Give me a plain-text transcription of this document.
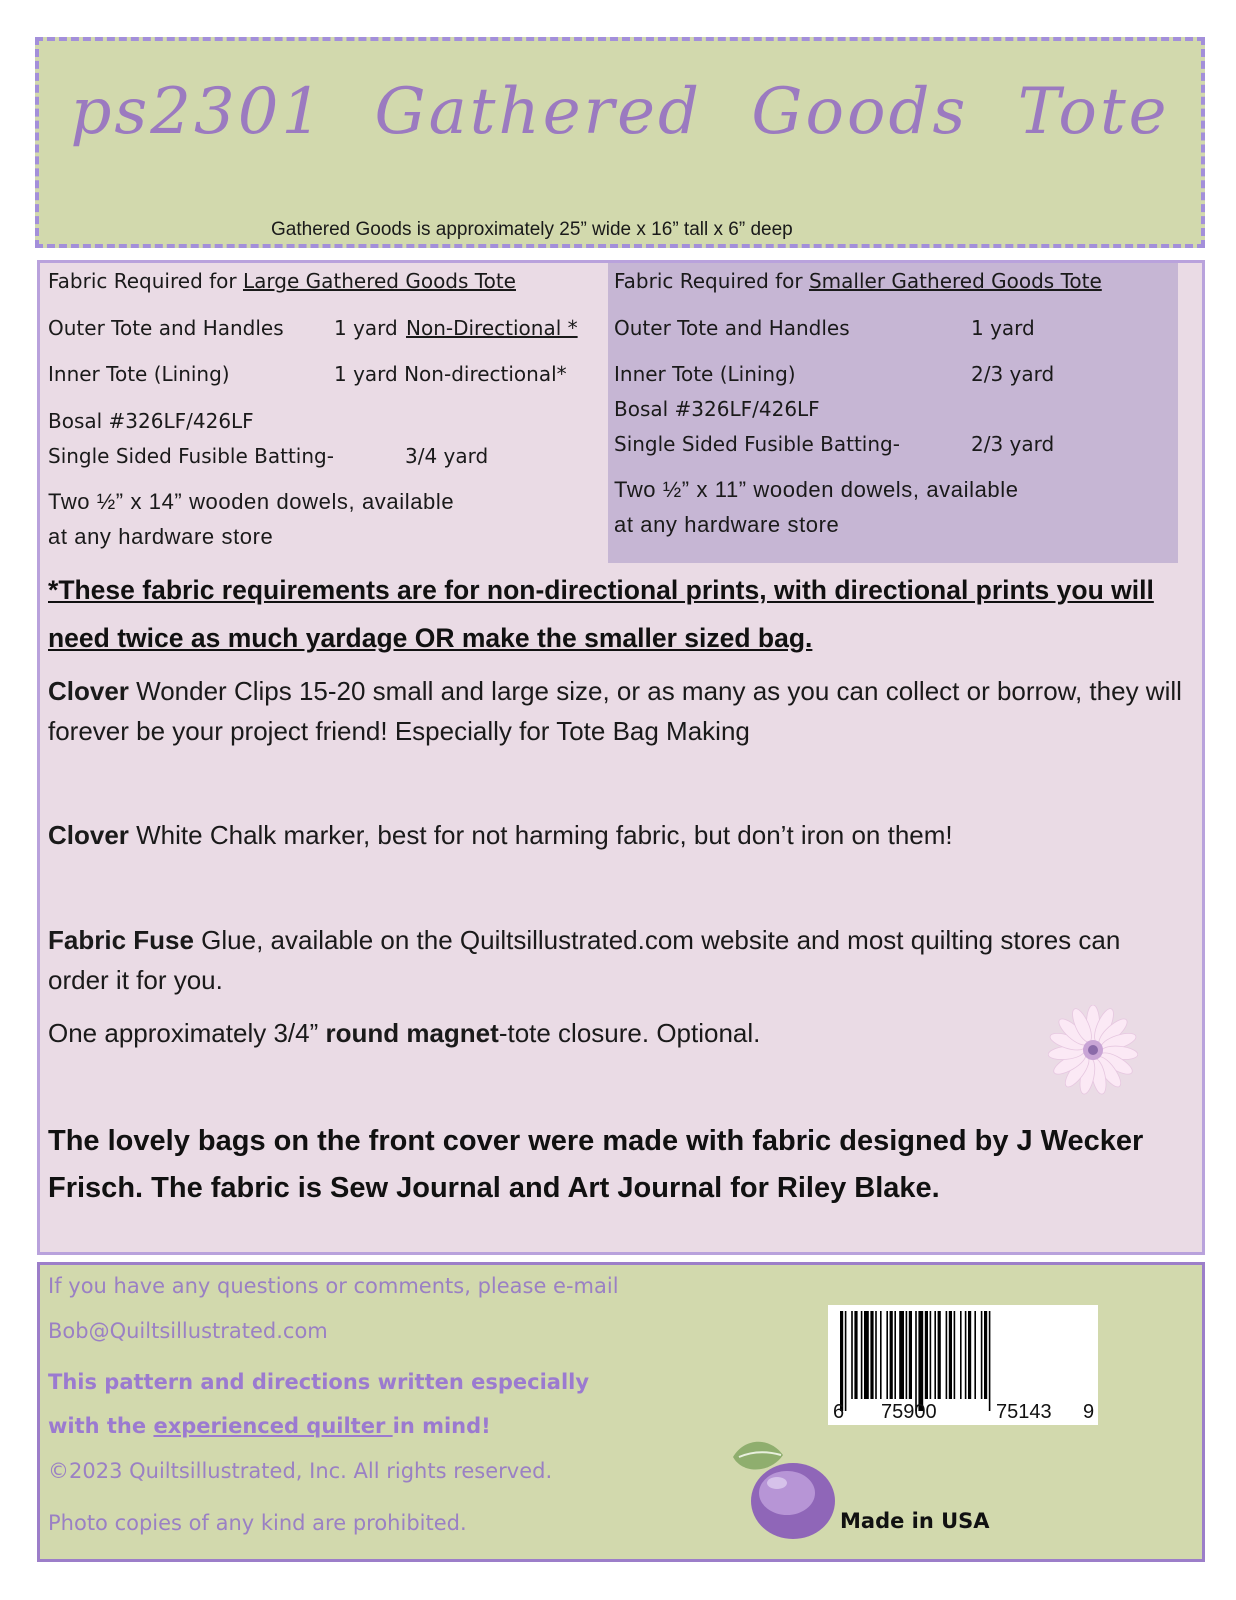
ps2301 Gathered Goods Tote
Gathered Goods is approximately 25” wide x 16” tall x 6” deep
Fabric Required for Large Gathered Goods Tote
Outer Tote and Handles	1 yard Non-Directional *
Inner Tote (Lining)	1 yard Non-directional*
Bosal #326LF/426LF
Single Sided Fusible Batting-	3/4 yard
Two ½” x 14” wooden dowels, available
at any hardware store
Fabric Required for Smaller Gathered Goods Tote
Outer Tote and Handles	1 yard
Inner Tote (Lining)	2/3 yard
Bosal #326LF/426LF
Single Sided Fusible Batting-	2/3 yard
Two ½” x 11” wooden dowels, available
at any hardware store
*These fabric requirements are for non-directional prints, with directional prints you will need twice as much yardage OR make the smaller sized bag.
Clover Wonder Clips 15-20 small and large size, or as many as you can collect or borrow, they will forever be your project friend! Especially for Tote Bag Making
Clover White Chalk marker, best for not harming fabric, but don’t iron on them!
Fabric Fuse Glue, available on the Quiltsillustrated.com website and most quilting stores can order it for you.
One approximately 3/4” round magnet-tote closure. Optional.
The lovely bags on the front cover were made with fabric designed by J Wecker Frisch. The fabric is Sew Journal and Art Journal for Riley Blake.
If you have any questions or comments, please e-mail
Bob@Quiltsillustrated.com
This pattern and directions written especially
with the experienced quilter in mind!
©2023 Quiltsillustrated, Inc. All rights reserved.
Photo copies of any kind are prohibited.
6 75900	75143 9
Made in USA
